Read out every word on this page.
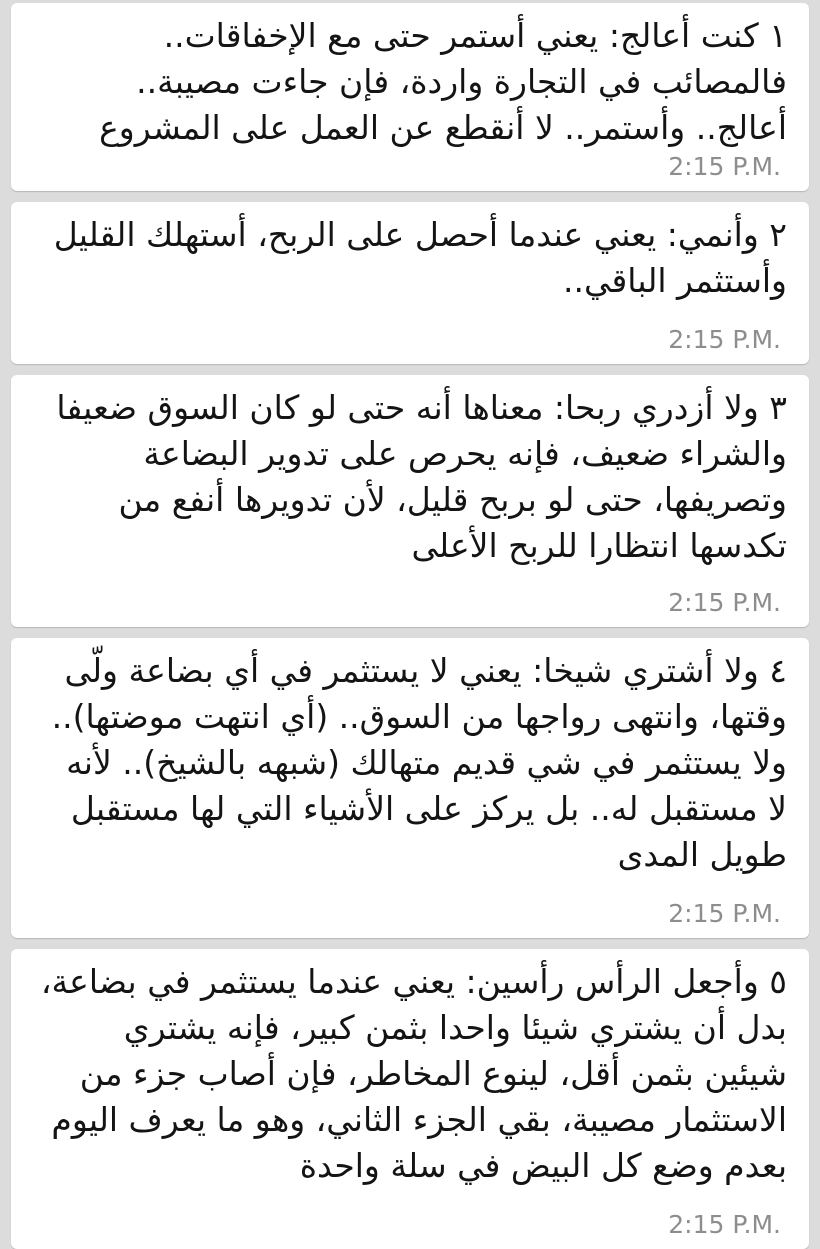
١ كنت أعالج: يعني أستمر حتى مع الإخفاقات.. فالمصائب في التجارة واردة، فإن جاءت مصيبة.. أعالج.. وأستمر.. لا أنقطع عن العمل على المشروع
2:15 P.M.
٢ وأنمي: يعني عندما أحصل على الربح، أستهلك القليل وأستثمر الباقي..
2:15 P.M.
٣ ولا أزدري ربحا: معناها أنه حتى لو كان السوق ضعيفا والشراء ضعيف، فإنه يحرص على تدوير البضاعة وتصريفها، حتى لو بربح قليل، لأن تدويرها أنفع من تكدسها انتظارا للربح الأعلى
2:15 P.M.
٤ ولا أشتري شيخا: يعني لا يستثمر في أي بضاعة ولّى وقتها، وانتهى رواجها من السوق.. (أي انتهت موضتها).. ولا يستثمر في شي قديم متهالك (شبهه بالشيخ).. لأنه لا مستقبل له.. بل يركز على الأشياء التي لها مستقبل طويل المدى
2:15 P.M.
٥ وأجعل الرأس رأسين: يعني عندما يستثمر في بضاعة، بدل أن يشتري شيئا واحدا بثمن كبير، فإنه يشتري شيئين بثمن أقل، لينوع المخاطر، فإن أصاب جزء من الاستثمار مصيبة، بقي الجزء الثاني، وهو ما يعرف اليوم بعدم وضع كل البيض في سلة واحدة
2:15 P.M.
